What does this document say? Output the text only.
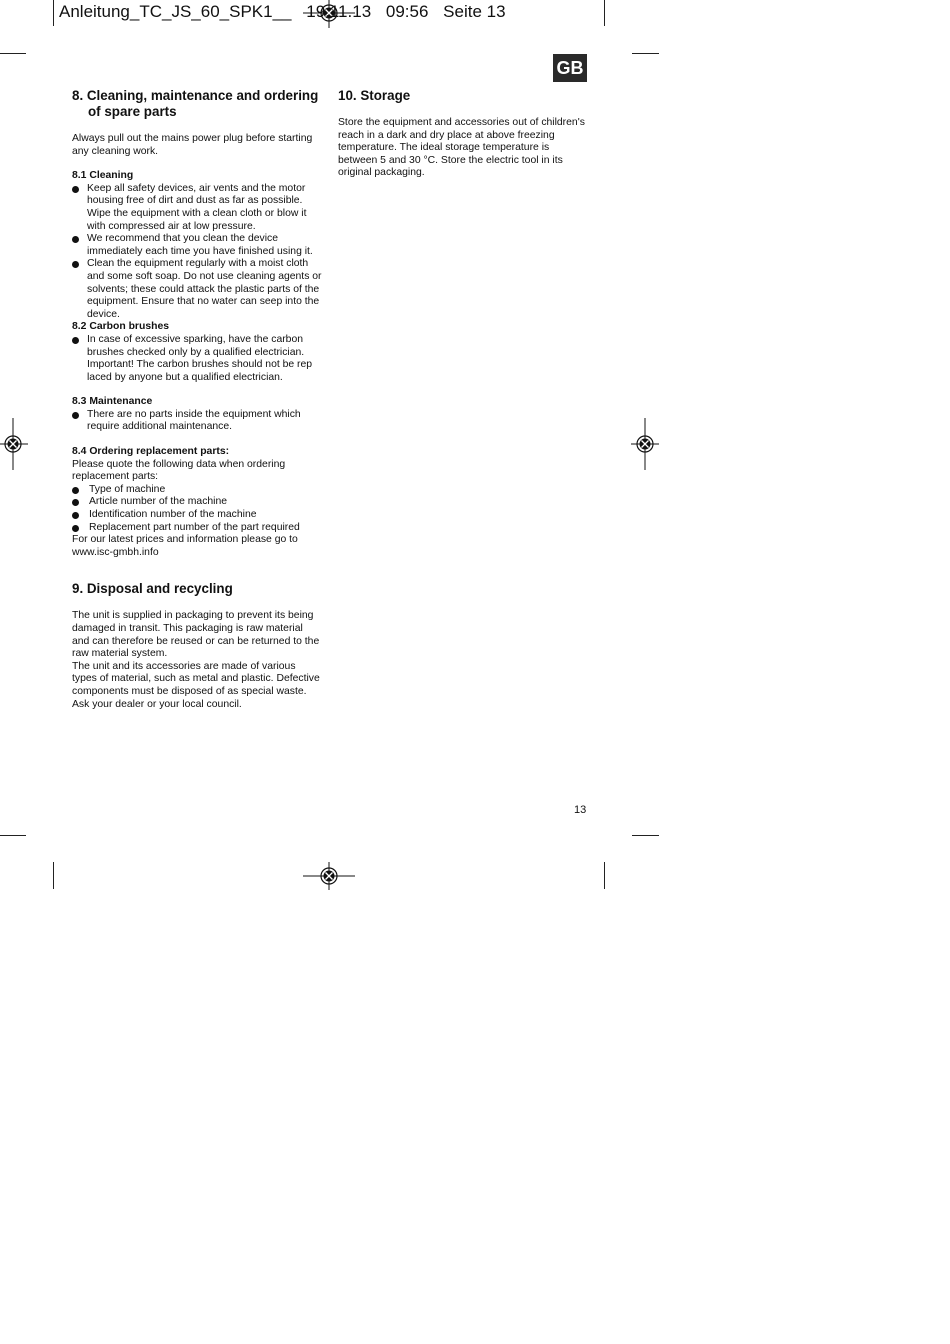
Anleitung_TC_JS_60_SPK1__ 19.11.13 09:56 Seite 13
GB
8. Cleaning, maintenance and ordering
of spare parts

Always pull out the mains power plug before starting any cleaning work.

8.1 Cleaning

Keep all safety devices, air vents and the motor housing free of dirt and dust as far as possible. Wipe the equipment with a clean cloth or blow it with compressed air at low pressure.
We recommend that you clean the device immediately each time you have finished using it.
Clean the equipment regularly with a moist cloth and some soft soap. Do not use cleaning agents or solvents; these could attack the plastic parts of the equipment. Ensure that no water can seep into the device.

8.2 Carbon brushes

In case of excessive sparking, have the carbon brushes checked only by a qualified electrician. Important! The carbon brushes should not be rep laced by anyone but a qualified electrician.

8.3 Maintenance

There are no parts inside the equipment which require additional maintenance.

8.4 Ordering replacement parts:

Please quote the following data when ordering replacement parts:

Type of machine
Article number of the machine
Identification number of the machine
Replacement part number of the part required

For our latest prices and information please go to www.isc-gmbh.info

9. Disposal and recycling

The unit is supplied in packaging to prevent its being damaged in transit. This packaging is raw material and can therefore be reused or can be returned to the raw material system.

The unit and its accessories are made of various types of material, such as metal and plastic. Defective components must be disposed of as special waste. Ask your dealer or your local council.

10. Storage

Store the equipment and accessories out of children's reach in a dark and dry place at above freezing temperature. The ideal storage temperature is between 5 and 30 °C. Store the electric tool in its original packaging.

13
